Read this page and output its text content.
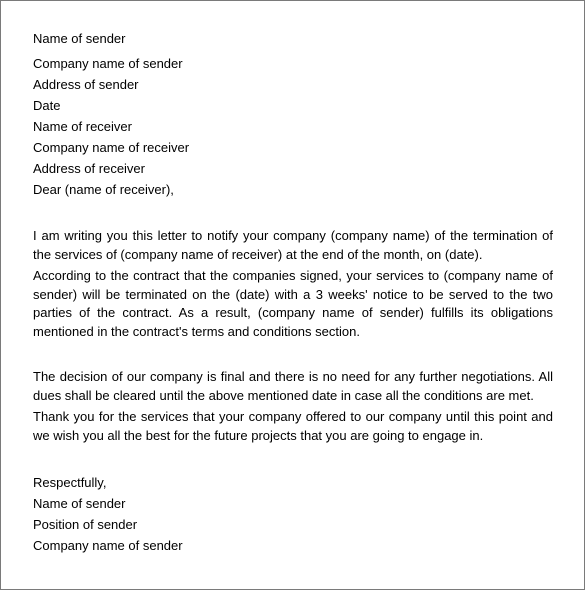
Name of sender
Company name of sender
Address of sender
Date
Name of receiver
Company name of receiver
Address of receiver
Dear (name of receiver),
I am writing you this letter to notify your company (company name) of the termination of the services of (company name of receiver) at the end of the month, on (date).
According to the contract that the companies signed, your services to (company name of sender) will be terminated on the (date) with a 3 weeks' notice to be served to the two parties of the contract. As a result, (company name of sender) fulfills its obligations mentioned in the contract's terms and conditions section.
The decision of our company is final and there is no need for any further negotiations. All dues shall be cleared until the above mentioned date in case all the conditions are met.
Thank you for the services that your company offered to our company until this point and we wish you all the best for the future projects that you are going to engage in.
Respectfully,
Name of sender
Position of sender
Company name of sender
